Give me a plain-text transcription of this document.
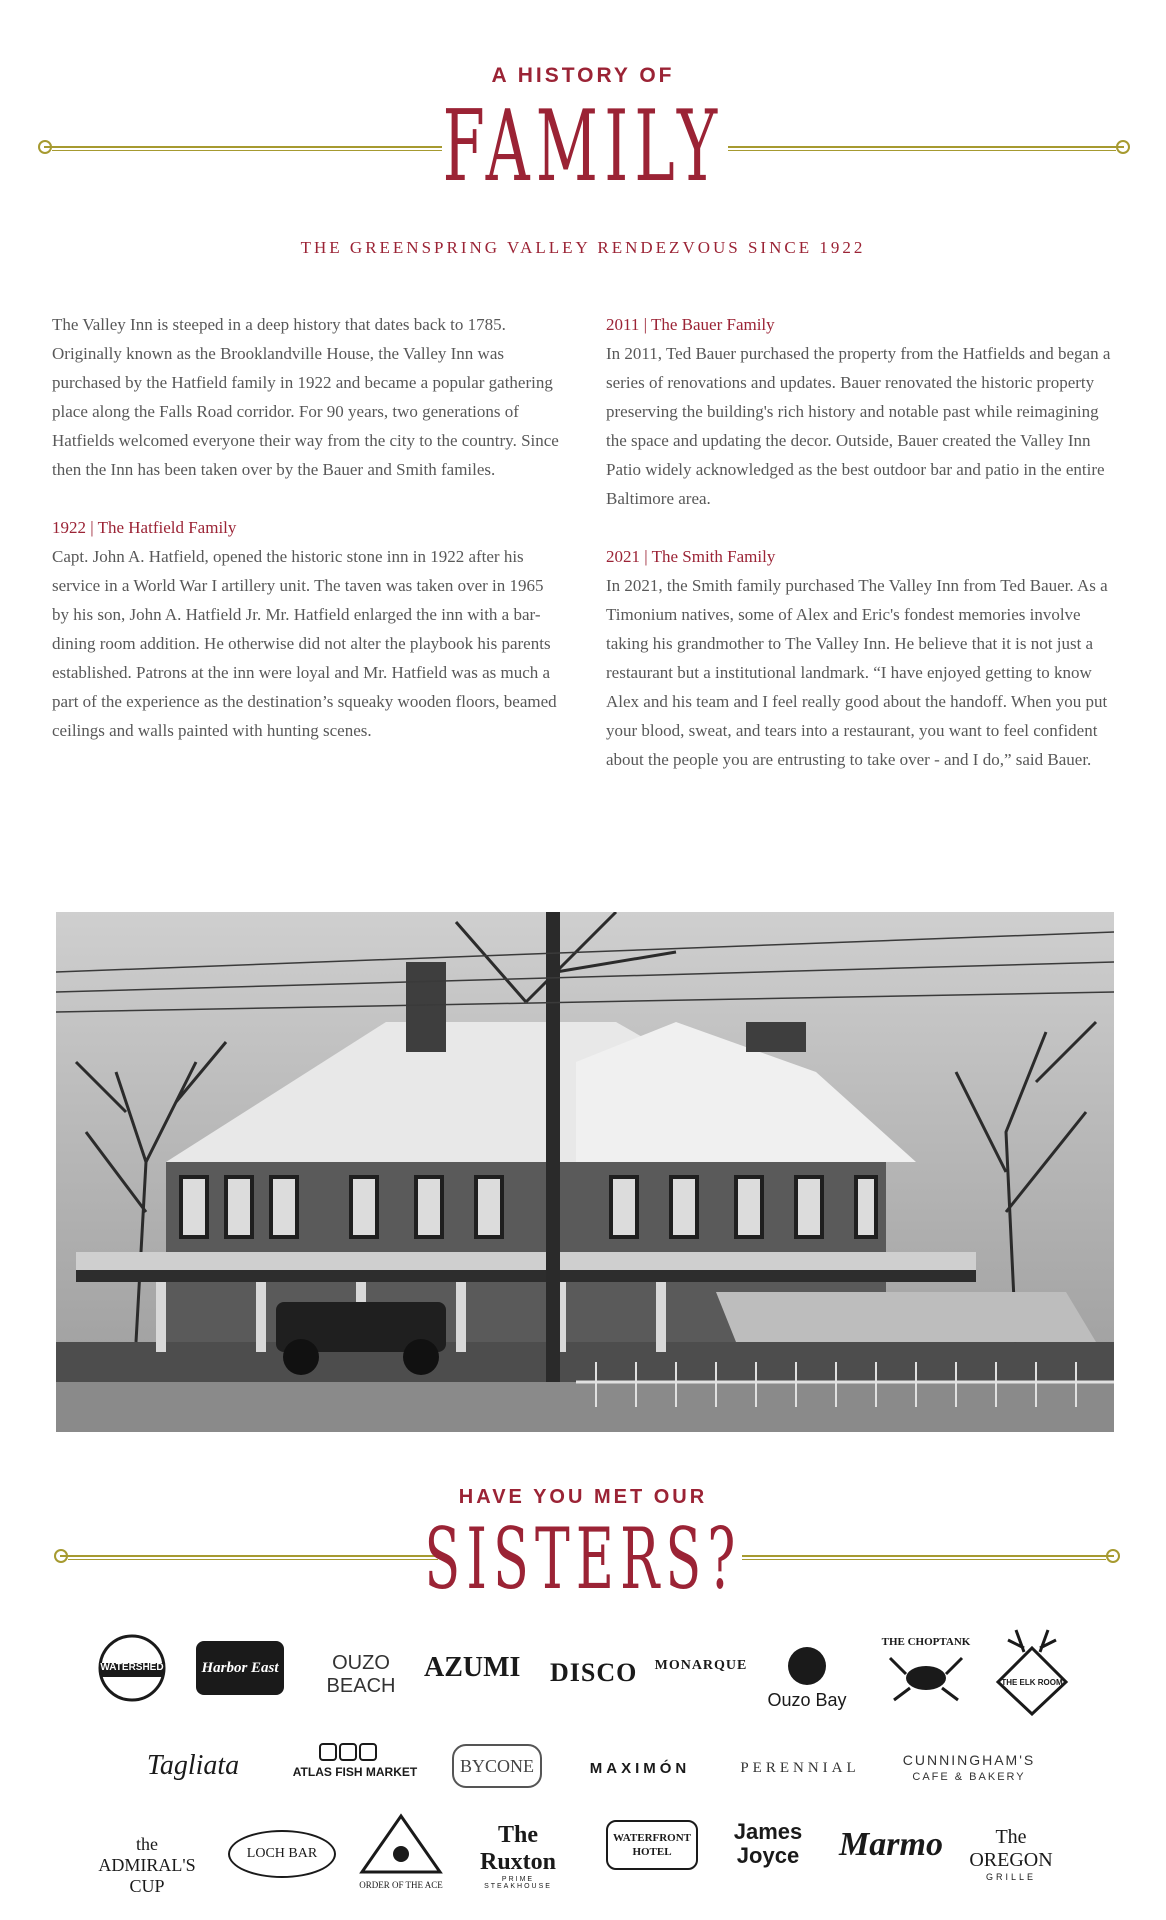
A HISTORY OF
FAMILY
THE GREENSPRING VALLEY RENDEZVOUS SINCE 1922

The Valley Inn is steeped in a deep history that dates back to 1785. Originally known as the Brooklandville House, the Valley Inn was purchased by the Hatfield family in 1922 and became a popular gathering place along the Falls Road corridor. For 90 years, two generations of Hatfields welcomed everyone their way from the city to the country. Since then the Inn has been taken over by the Bauer and Smith familes.

1922 | The Hatfield Family

Capt. John A. Hatfield, opened the historic stone inn in 1922 after his service in a World War I artillery unit. The taven was taken over in 1965 by his son, John A. Hatfield Jr. Mr. Hatfield enlarged the inn with a bar-dining room addition. He otherwise did not alter the playbook his parents established. Patrons at the inn were loyal and Mr. Hatfield was as much a part of the experience as the destination’s squeaky wooden floors, beamed ceilings and walls painted with hunting scenes.

2011 | The Bauer Family

In 2011, Ted Bauer purchased the property from the Hatfields and began a series of renovations and updates. Bauer renovated the historic property preserving the building's rich history and notable past while reimagining the space and updating the decor. Outside, Bauer created the Valley Inn Patio widely acknowledged as the best outdoor bar and patio in the entire Baltimore area.

2021 | The Smith Family

In 2021, the Smith family purchased The Valley Inn from Ted Bauer. As a Timonium natives, some of Alex and Eric's fondest memories involve taking his grandmother to The Valley Inn. He believe that it is not just a restaurant but a institutional landmark. “I have enjoyed getting to know Alex and his team and I feel really good about the handoff. When you put your blood, sweat, and tears into a restaurant, you want to feel confident about the people you are entrusting to take over - and I do,” said Bauer.

HAVE YOU MET OUR
SISTERS?
WATERSHED	Harbor East	OUZO BEACH
AZUMI DISCO	MONARQUE
Ouzo Bay
THE CHOPTANK
THE ELK ROOM
Tagliata	ATLAS FISH MARKET	BYCONE	MAXIMÓN	PERENNIAL	CUNNINGHAM'S
CAFE & BAKERY
the ADMIRAL'S CUP
LOCH BAR
ORDER OF THE ACE
The Ruxton
PRIME STEAKHOUSE
WATERFRONT HOTEL
James Joyce	Marmo	The OREGON
GRILLE
